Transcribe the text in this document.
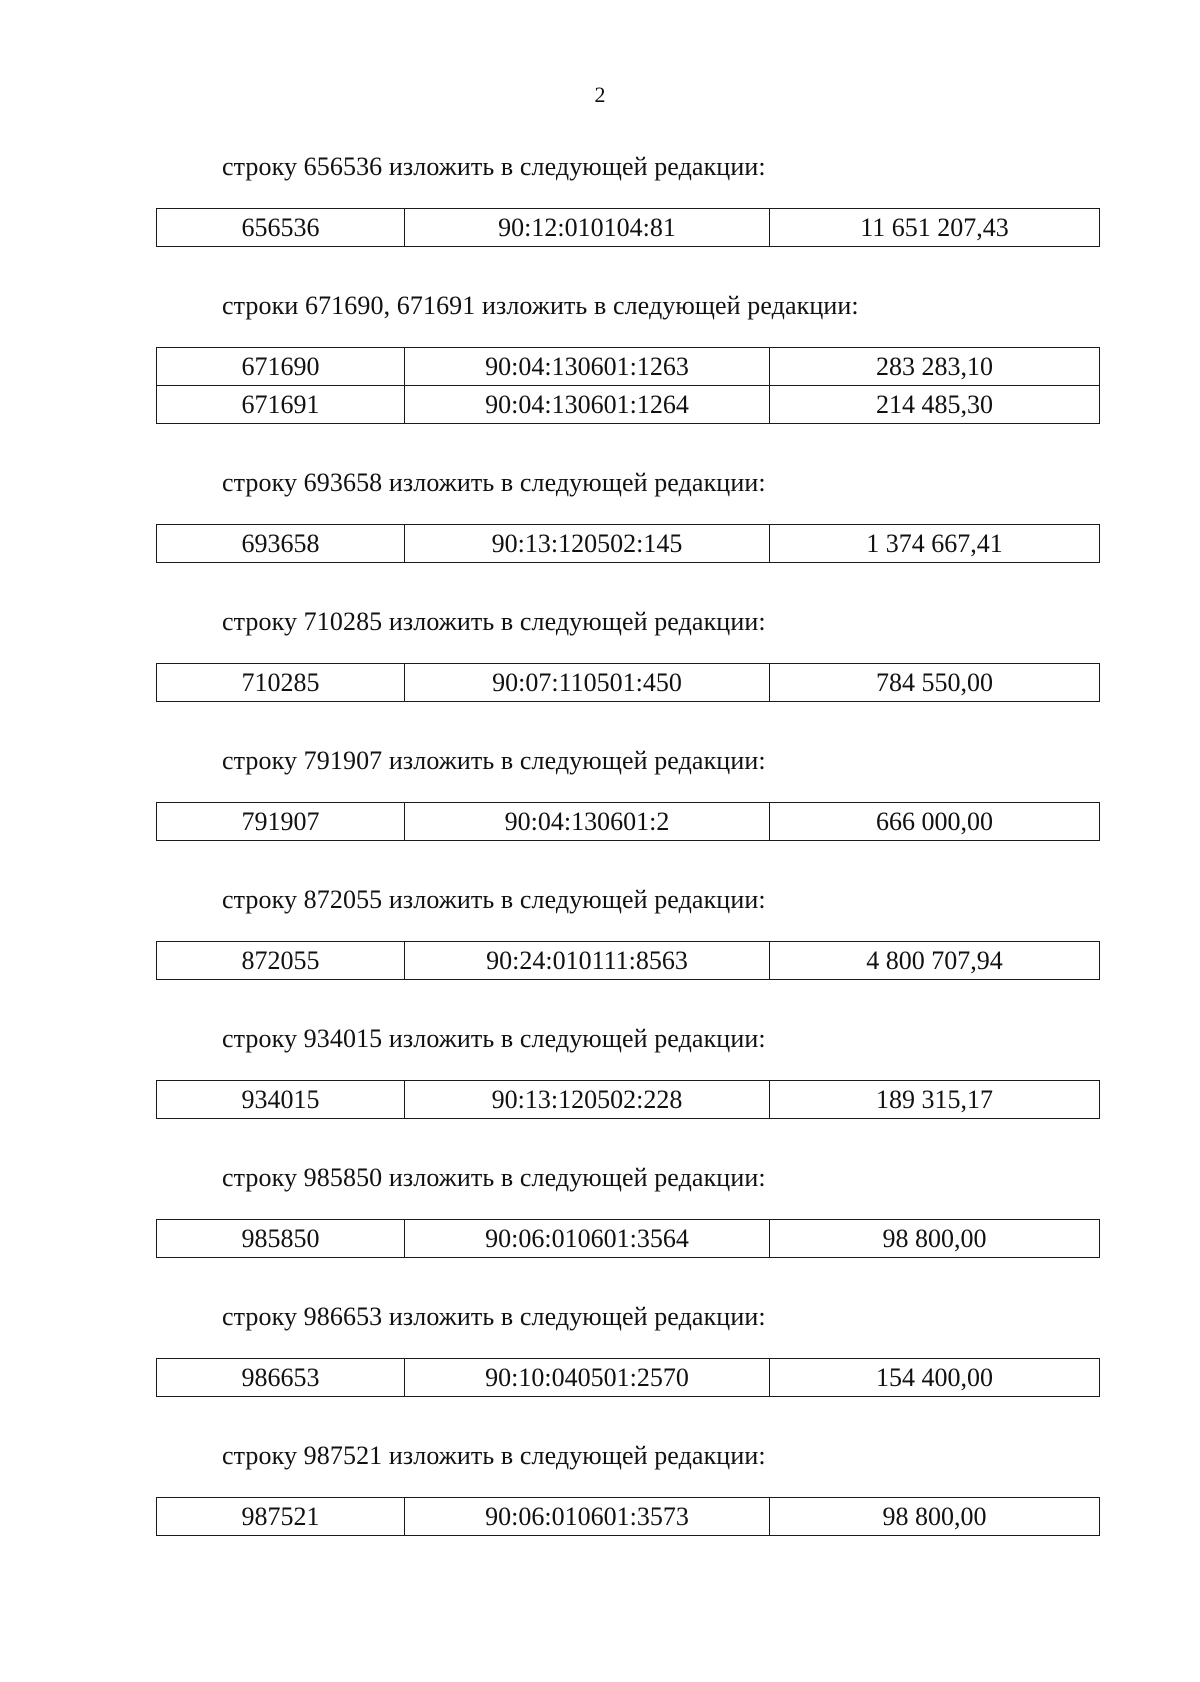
2
строку 656536 изложить в следующей редакции:
656536	90:12:010104:81	11 651 207,43
строки 671690, 671691 изложить в следующей редакции:
671690	90:04:130601:1263	283 283,10
671691	90:04:130601:1264	214 485,30
строку 693658 изложить в следующей редакции:
693658	90:13:120502:145	1 374 667,41
строку 710285 изложить в следующей редакции:
710285	90:07:110501:450	784 550,00
строку 791907 изложить в следующей редакции:
791907	90:04:130601:2	666 000,00
строку 872055 изложить в следующей редакции:
872055	90:24:010111:8563	4 800 707,94
строку 934015 изложить в следующей редакции:
934015	90:13:120502:228	189 315,17
строку 985850 изложить в следующей редакции:
985850	90:06:010601:3564	98 800,00
строку 986653 изложить в следующей редакции:
986653	90:10:040501:2570	154 400,00
строку 987521 изложить в следующей редакции:
987521	90:06:010601:3573	98 800,00
